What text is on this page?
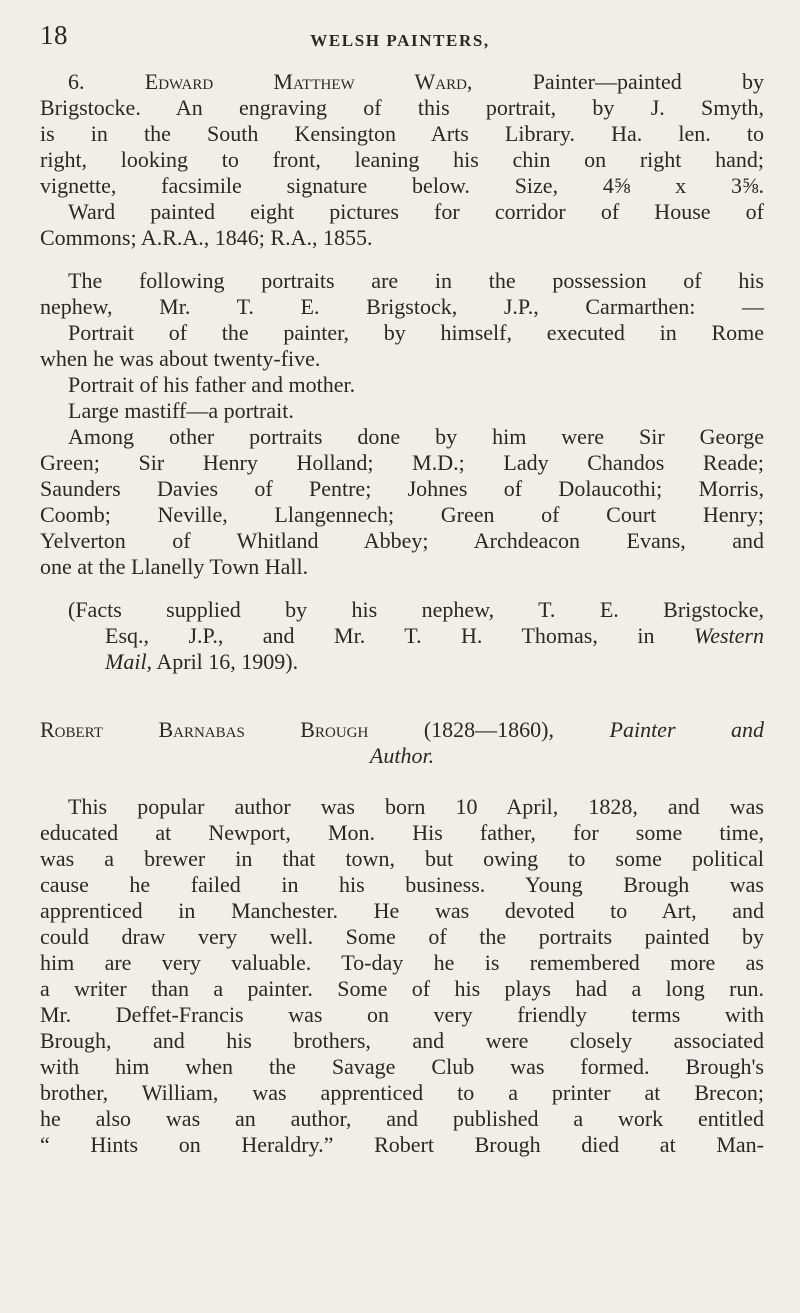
18	WELSH PAINTERS,
6.	Edward Matthew Ward,	Painter—painted by
Brigstocke. An engraving of this portrait, by J. Smyth,
is in the South Kensington Arts Library. Ha. len. to
right, looking to front, leaning his chin on right hand;
vignette, facsimile signature below. Size, 4⅝ x 3⅝.
Ward painted eight pictures for corridor of House of
Commons; A.R.A., 1846; R.A., 1855.
The following portraits are in the possession of his
nephew, Mr. T. E. Brigstock, J.P., Carmarthen: —
Portrait of the painter, by himself, executed in Rome
when he was about twenty-five.
Portrait of his father and mother.
Large mastiff—a portrait.
Among other portraits done by him were Sir George
Green; Sir Henry Holland; M.D.; Lady Chandos Reade;
Saunders Davies of Pentre; Johnes of Dolaucothi; Morris,
Coomb; Neville, Llangennech; Green of Court Henry;
Yelverton of Whitland Abbey; Archdeacon Evans, and
one at the Llanelly Town Hall.
(Facts supplied by his nephew, T. E. Brigstocke,
Esq., J.P., and Mr. T. H. Thomas, in Western
Mail, April 16, 1909).
Robert Barnabas Brough	(1828—1860),	Painter and
Author.
This popular author was born 10 April, 1828, and was
educated at Newport, Mon. His father, for some time,
was a brewer in that town, but owing to some political
cause he failed in his business. Young Brough was
apprenticed in Manchester. He was devoted to Art, and
could draw very well. Some of the portraits painted by
him are very valuable. To-day he is remembered more as
a writer than a painter. Some of his plays had a long run.
Mr. Deffet-Francis was on very friendly terms with
Brough, and his brothers, and were closely associated
with him when the Savage Club was formed. Brough's
brother, William, was apprenticed to a printer at Brecon;
he also was an author, and published a work entitled
“ Hints on Heraldry.” Robert Brough died at Man-
